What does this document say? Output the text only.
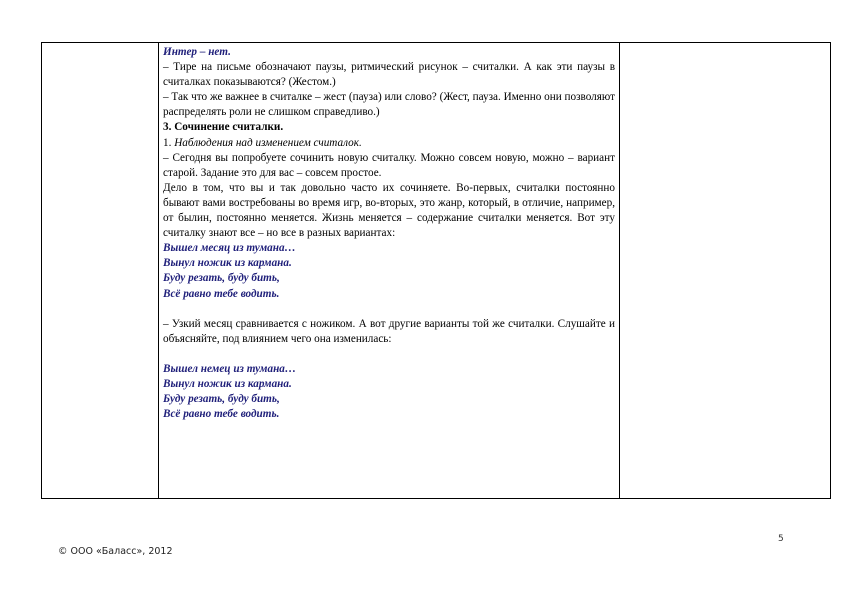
Интер – нет.

– Тире на письме обозначают паузы, ритмический рисунок – считалки. А как эти паузы в считалках показываются? (Жестом.)

– Так что же важнее в считалке – жест (пауза) или слово? (Жест, пауза. Именно они позволяют распределять роли не слишком справедливо.)

3. Сочинение считалки.

1. Наблюдения над изменением считалок.

– Сегодня вы попробуете сочинить новую считалку. Можно совсем новую, можно – вариант старой. Задание это для вас – совсем простое.

Дело в том, что вы и так довольно часто их сочиняете. Во-первых, считалки постоянно бывают вами востребованы во время игр, во-вторых, это жанр, который, в отличие, например, от былин, постоянно меняется. Жизнь меняется – содержание считалки меняется. Вот эту считалку знают все – но все в разных вариантах:

Вышел месяц из тумана…

Вынул ножик из кармана.

Буду резать, буду бить,

Всё равно тебе водить.

– Узкий месяц сравнивается с ножиком. А вот другие варианты той же считалки. Слушайте и объясняйте, под влиянием чего она изменилась:

Вышел немец из тумана…

Вынул ножик из кармана.

Буду резать, буду бить,

Всё равно тебе водить.

5
© ООО «Баласс», 2012
